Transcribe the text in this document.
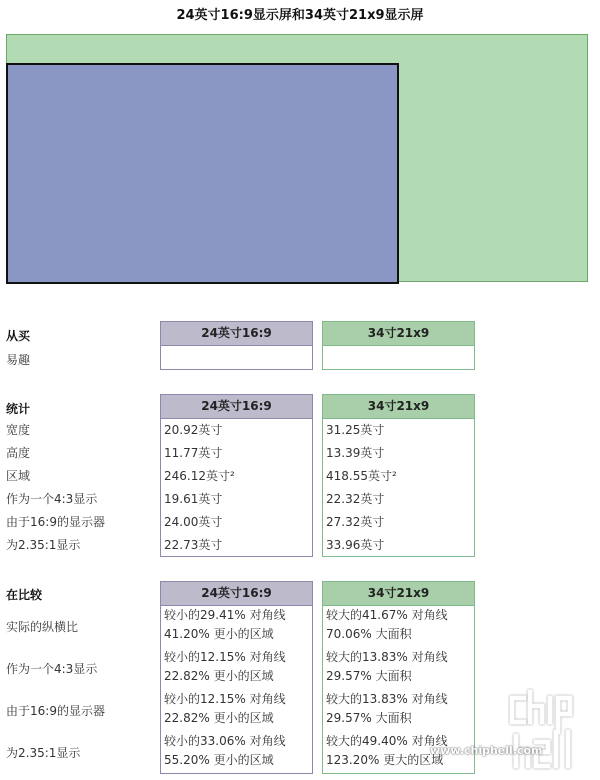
24英寸16:9显示屏和34英寸21x9显示屏
从买
易趣
24英寸16:9	34寸21x9
统计
宽度
高度
区域
作为一个4:3显示
由于16:9的显示器
为2.35:1显示
24英寸16:9
20.92英寸
11.77英寸
246.12英寸²
19.61英寸
24.00英寸
22.73英寸
34寸21x9
31.25英寸
13.39英寸
418.55英寸²
22.32英寸
27.32英寸
33.96英寸
在比较
实际的纵横比
作为一个4:3显示
由于16:9的显示器
为2.35:1显示
24英寸16:9
较小的29.41% 对角线
41.20% 更小的区域
较小的12.15% 对角线
22.82% 更小的区域
较小的12.15% 对角线
22.82% 更小的区域
较小的33.06% 对角线
55.20% 更小的区域
34寸21x9
较大的41.67% 对角线
70.06% 大面积
较大的13.83% 对角线
29.57% 大面积
较大的13.83% 对角线
29.57% 大面积
较大的49.40% 对角线
123.20% 更大的区域
www.chiphell.com
